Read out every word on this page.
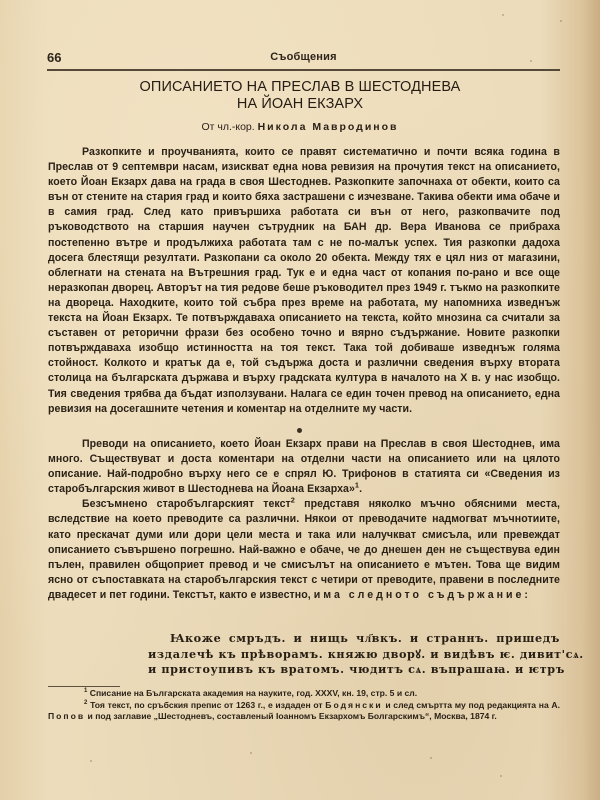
66	Съобщения
ОПИСАНИЕТО НА ПРЕСЛАВ В ШЕСТОДНЕВА
НА ЙОАН ЕКЗАРХ
От чл.-кор. Никола Мавродинов

Разкопките и проучванията, които се правят систематично и почти всяка година в Преслав от 9 септември насам, изискват една нова ревизия на прочутия текст на описанието, което Йоан Екзарх дава на града в своя Шестоднев. Разкопките започнаха от обекти, които са вън от стените на стария град и които бяха застрашени с изчезване. Такива обекти има обаче и в самия град. След като привършиха работата си вън от него, разкопвачите под ръководството на старшия научен сътрудник на БАН др. Вера Иванова се прибраха постепенно вътре и продължиха работата там с не по-малък успех. Тия разкопки дадоха досега блестящи резултати. Разкопани са около 20 обекта. Между тях е цял низ от магазини, облегнати на стената на Вътрешния град. Тук е и една част от копания по-рано и все още неразкопан дворец. Авторът на тия редове беше ръководител през 1949 г. тъкмо на разкопките на двореца. Находките, които той събра през време на работата, му напомниха изведнъж текста на Йоан Екзарх. Те потвърждаваха описанието на текста, който мнозина са считали за съставен от реторични фрази без особено точно и вярно съдържание. Новите разкопки потвърждаваха изобщо истинността на тоя текст. Така той добиваше изведнъж голяма стойност. Колкото и кратък да е, той съдържа доста и различни сведения върху втората столица на българската държава и върху градската култура в началото на X в. у нас изобщо. Тия сведения трябва да бъдат използувани. Налага се един точен превод на описанието, една ревизия на досегашните четения и коментар на отделните му части.

Преводи на описанието, което Йоан Екзарх прави на Преслав в своя Шестоднев, има много. Съществуват и доста коментари на отделни части на описанието или на цялото описание. Най-подробно върху него се е спрял Ю. Трифонов в статията си «Сведения из старобългарския живот в Шестоднева на Йоана Екзарха»$^1$.

Безсъмнено старобългарският текст$^2$ представя няколко мъчно обясними места, вследствие на което преводите са различни. Някои от преводачите надмогват мъчнотиите, като прескачат думи или дори цели места и така или налучкват смисъла, или превеждат описанието съвършено погрешно. Най-важно е обаче, че до днешен ден не съществува един пълен, правилен общоприет превод и че смисълът на описанието е мътен. Това ще видим ясно от съпоставката на старобългарския текст с четири от преводите, правени в последните двадесет и пет години. Текстът, както е известно, има следното съдържание:

Ꙗкоже смръдъ. и нищь чл҃вкъ. и страннъ. пришедъ
издалечѣ къ прѣворамъ. княжю дворꙋ. и видѣвъ ѥ. дивит'сѧ.
и пристоупивъ къ вратомъ. чюдитъ сѧ. въпрашаꙗ. и ѥтръ

$^1$ Списание на Българската академия на науките, год. XXXV, кн. 19, стр. 5 и сл.

$^2$ Тоя текст, по сръбския препис от 1263 г., е издаден от Бодянски и след смъртта му под редакцията на А. Попов и под заглавие „Шестодневъ, составленый Іоанномъ Екзархомъ Болгарскимъ“, Москва, 1874 г.
